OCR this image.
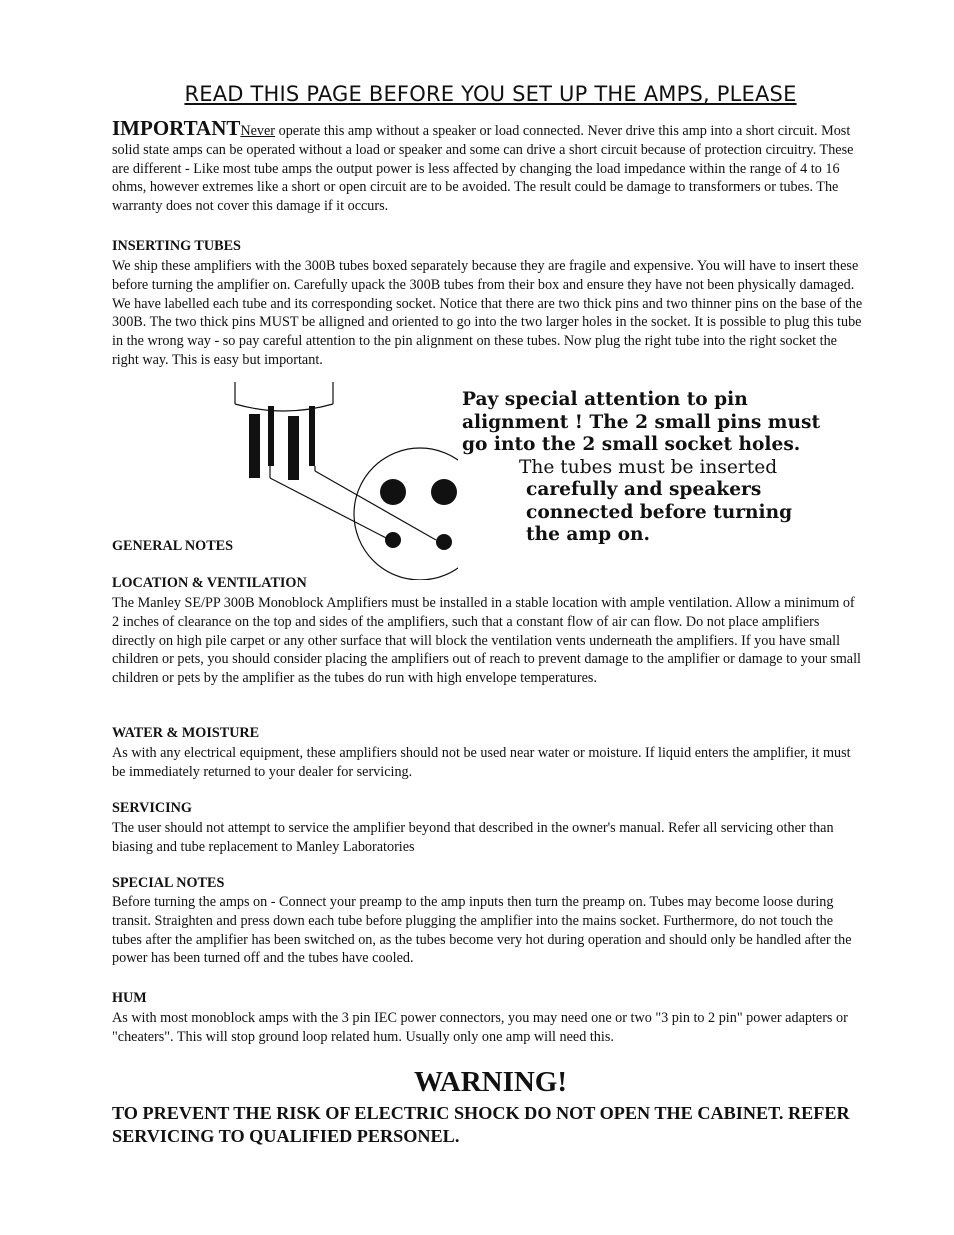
READ THIS PAGE BEFORE YOU SET UP THE AMPS, PLEASE

IMPORTANTNever operate this amp without a speaker or load connected. Never drive this amp into a short circuit. Most solid state amps can be operated without a load or speaker and some can drive a short circuit because of protection circuitry. These are different - Like most tube amps the output power is less affected by changing the load impedance within the range of 4 to 16 ohms, however extremes like a short or open circuit are to be avoided. The result could be damage to transformers or tubes. The warranty does not cover this damage if it occurs.

INSERTING TUBES

We ship these amplifiers with the 300B tubes boxed separately because they are fragile and expensive. You will have to insert these before turning the amplifier on. Carefully upack the 300B tubes from their box and ensure they have not been physically damaged. We have labelled each tube and its corresponding socket. Notice that there are two thick pins and two thinner pins on the base of the 300B. The two thick pins MUST be alligned and oriented to go into the two larger holes in the socket. It is possible to plug this tube in the wrong way - so pay careful attention to the pin alignment on these tubes. Now plug the right tube into the right socket the right way. This is easy but important.

Pay special attention to pin
alignment ! The 2 small pins must
go into the 2 small socket holes.
The tubes must be inserted
carefully and speakers
connected before turning
the amp on.

GENERAL NOTES

LOCATION & VENTILATION

The Manley SE/PP 300B Monoblock Amplifiers must be installed in a stable location with ample ventilation. Allow a minimum of 2 inches of clearance on the top and sides of the amplifiers, such that a constant flow of air can flow. Do not place amplifiers directly on high pile carpet or any other surface that will block the ventilation vents underneath the amplifiers. If you have small children or pets, you should consider placing the amplifiers out of reach to prevent damage to the amplifier or damage to your small children or pets by the amplifier as the tubes do run with high envelope temperatures.

WATER & MOISTURE

As with any electrical equipment, these amplifiers should not be used near water or moisture. If liquid enters the amplifier, it must be immediately returned to your dealer for servicing.

SERVICING

The user should not attempt to service the amplifier beyond that described in the owner's manual. Refer all servicing other than biasing and tube replacement to Manley Laboratories

SPECIAL NOTES

Before turning the amps on - Connect your preamp to the amp inputs then turn the preamp on. Tubes may become loose during transit. Straighten and press down each tube before plugging the amplifier into the mains socket. Furthermore, do not touch the tubes after the amplifier has been switched on, as the tubes become very hot during operation and should only be handled after the power has been turned off and the tubes have cooled.

HUM

As with most monoblock amps with the 3 pin IEC power connectors, you may need one or two "3 pin to 2 pin" power adapters or "cheaters". This will stop ground loop related hum. Usually only one amp will need this.

WARNING!

TO PREVENT THE RISK OF ELECTRIC SHOCK DO NOT OPEN THE CABINET. REFER SERVICING TO QUALIFIED PERSONEL.
